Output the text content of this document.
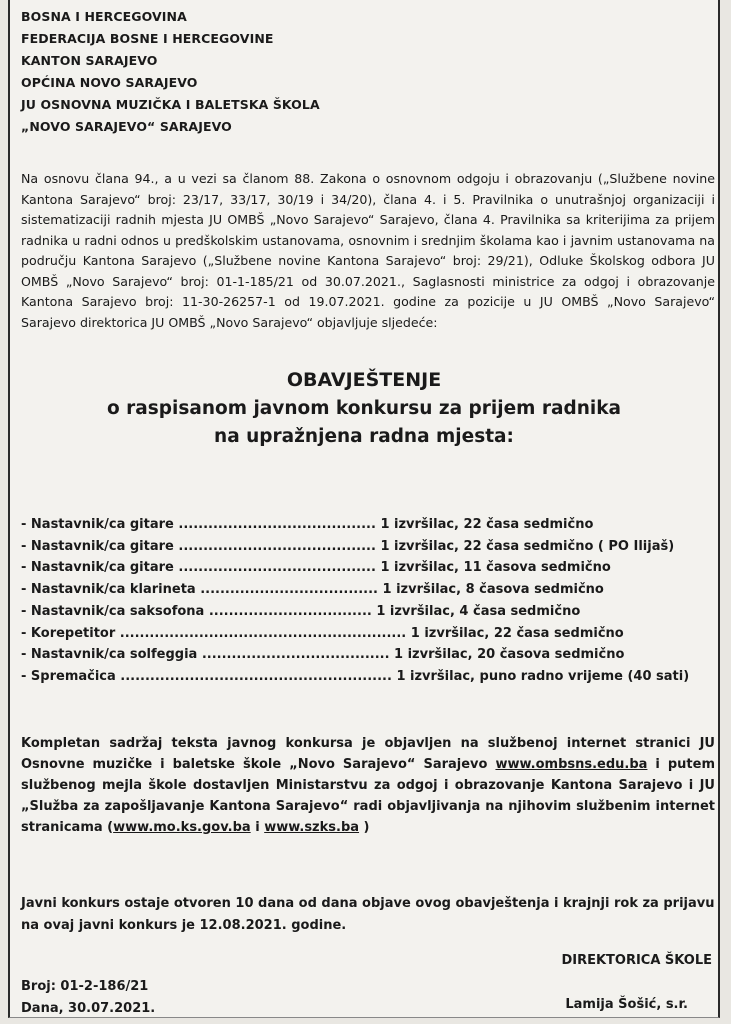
BOSNA I HERCEGOVINA
FEDERACIJA BOSNE I HERCEGOVINE
KANTON SARAJEVO
OPĆINA NOVO SARAJEVO
JU OSNOVNA MUZIČKA I BALETSKA ŠKOLA
„NOVO SARAJEVO“ SARAJEVO
Na osnovu člana 94., a u vezi sa članom 88. Zakona o osnovnom odgoju i obrazovanju („Službene novine Kantona Sarajevo“ broj: 23/17, 33/17, 30/19 i 34/20), člana 4. i 5. Pravilnika o unutrašnjoj organizaciji i sistematizaciji radnih mjesta JU OMBŠ „Novo Sarajevo“ Sarajevo, člana 4. Pravilnika sa kriterijima za prijem radnika u radni odnos u predškolskim ustanovama, osnovnim i srednjim školama kao i javnim ustanovama na području Kantona Sarajevo („Službene novine Kantona Sarajevo“ broj: 29/21), Odluke Školskog odbora JU OMBŠ „Novo Sarajevo“ broj: 01-1-185/21 od 30.07.2021., Saglasnosti ministrice za odgoj i obrazovanje Kantona Sarajevo broj: 11-30-26257-1 od 19.07.2021. godine za pozicije u JU OMBŠ „Novo Sarajevo“ Sarajevo direktorica JU OMBŠ „Novo Sarajevo“ objavljuje sljedeće:
OBAVJEŠTENJE
o raspisanom javnom konkursu za prijem radnika
na upražnjena radna mjesta:
- Nastavnik/ca gitare ........................................ 1 izvršilac, 22 časa sedmično
- Nastavnik/ca gitare ........................................ 1 izvršilac, 22 časa sedmično ( PO Ilijaš)
- Nastavnik/ca gitare ........................................ 1 izvršilac, 11 časova sedmično
- Nastavnik/ca klarineta .................................... 1 izvršilac, 8 časova sedmično
- Nastavnik/ca saksofona ................................. 1 izvršilac, 4 časa sedmično
- Korepetitor .......................................................... 1 izvršilac, 22 časa sedmično
- Nastavnik/ca solfeggia ...................................... 1 izvršilac, 20 časova sedmično
- Spremačica ....................................................... 1 izvršilac, puno radno vrijeme (40 sati)
Kompletan sadržaj teksta javnog konkursa je objavljen na službenoj internet stranici JU Osnovne muzičke i baletske škole „Novo Sarajevo“ Sarajevo www.ombsns.edu.ba i putem službenog mejla škole dostavljen Ministarstvu za odgoj i obrazovanje Kantona Sarajevo i JU „Služba za zapošljavanje Kantona Sarajevo“ radi objavljivanja na njihovim službenim internet stranicama (www.mo.ks.gov.ba i www.szks.ba )
Javni konkurs ostaje otvoren 10 dana od dana objave ovog obavještenja i krajnji rok za prijavu na ovaj javni konkurs je 12.08.2021. godine.
DIREKTORICA ŠKOLE
Broj: 01-2-186/21
Dana, 30.07.2021.	Lamija Šošić, s.r.
